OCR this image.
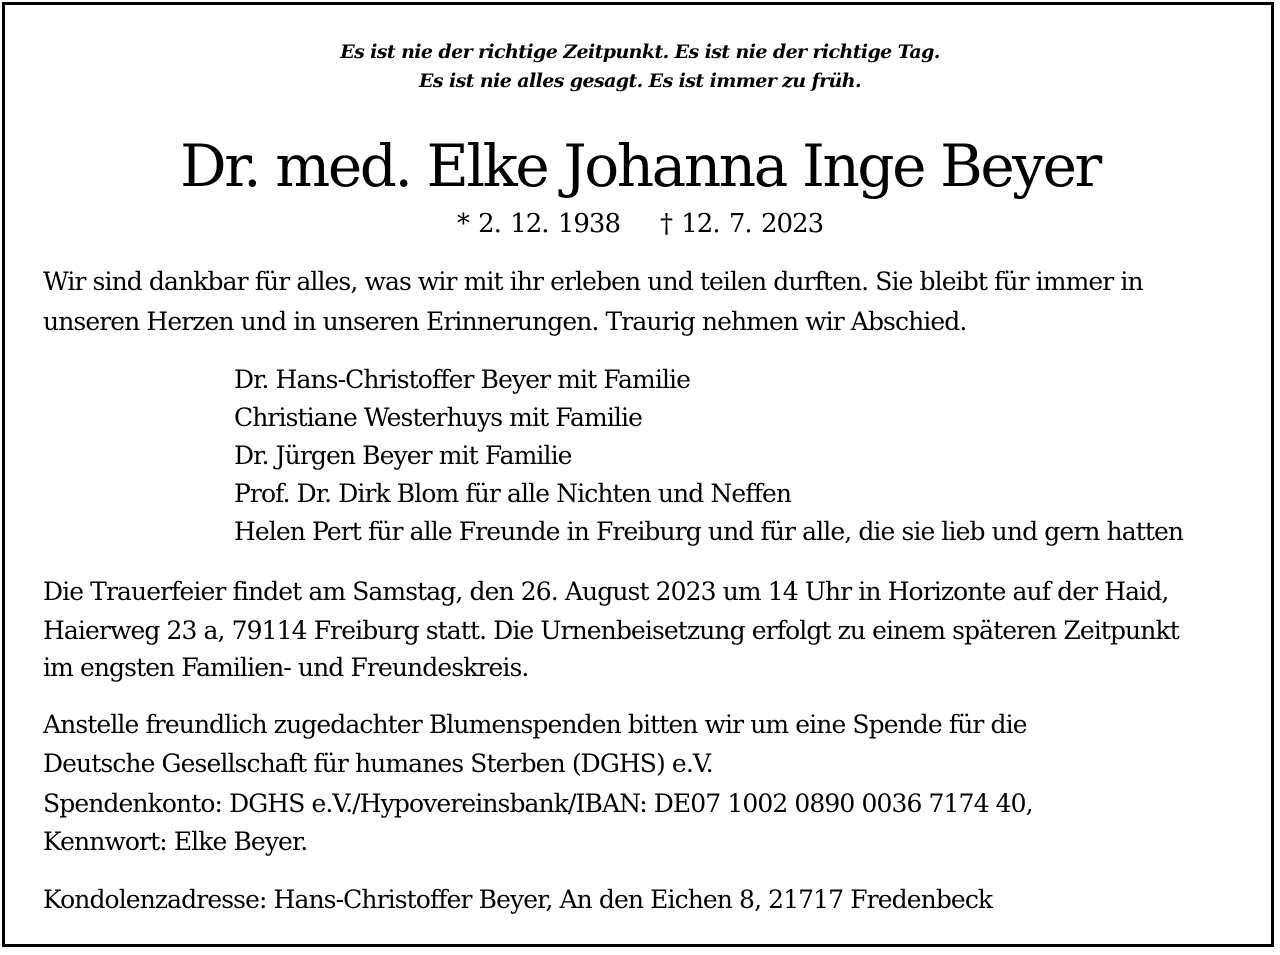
Es ist nie der richtige Zeitpunkt. Es ist nie der richtige Tag.
Es ist nie alles gesagt. Es ist immer zu früh.
Dr. med. Elke Johanna Inge Beyer
* 2. 12. 1938 † 12. 7. 2023
Wir sind dankbar für alles, was wir mit ihr erleben und teilen durften. Sie bleibt für immer in
unseren Herzen und in unseren Erinnerungen. Traurig nehmen wir Abschied.
Dr. Hans-Christoffer Beyer mit Familie
Christiane Westerhuys mit Familie
Dr. Jürgen Beyer mit Familie
Prof. Dr. Dirk Blom für alle Nichten und Neffen
Helen Pert für alle Freunde in Freiburg und für alle, die sie lieb und gern hatten
Die Trauerfeier findet am Samstag, den 26. August 2023 um 14 Uhr in Horizonte auf der Haid,
Haierweg 23 a, 79114 Freiburg statt. Die Urnenbeisetzung erfolgt zu einem späteren Zeitpunkt
im engsten Familien- und Freundeskreis.
Anstelle freundlich zugedachter Blumenspenden bitten wir um eine Spende für die
Deutsche Gesellschaft für humanes Sterben (DGHS) e.V.
Spendenkonto: DGHS e.V./Hypovereinsbank/IBAN: DE07 1002 0890 0036 7174 40,
Kennwort: Elke Beyer.
Kondolenzadresse: Hans-Christoffer Beyer, An den Eichen 8, 21717 Fredenbeck
